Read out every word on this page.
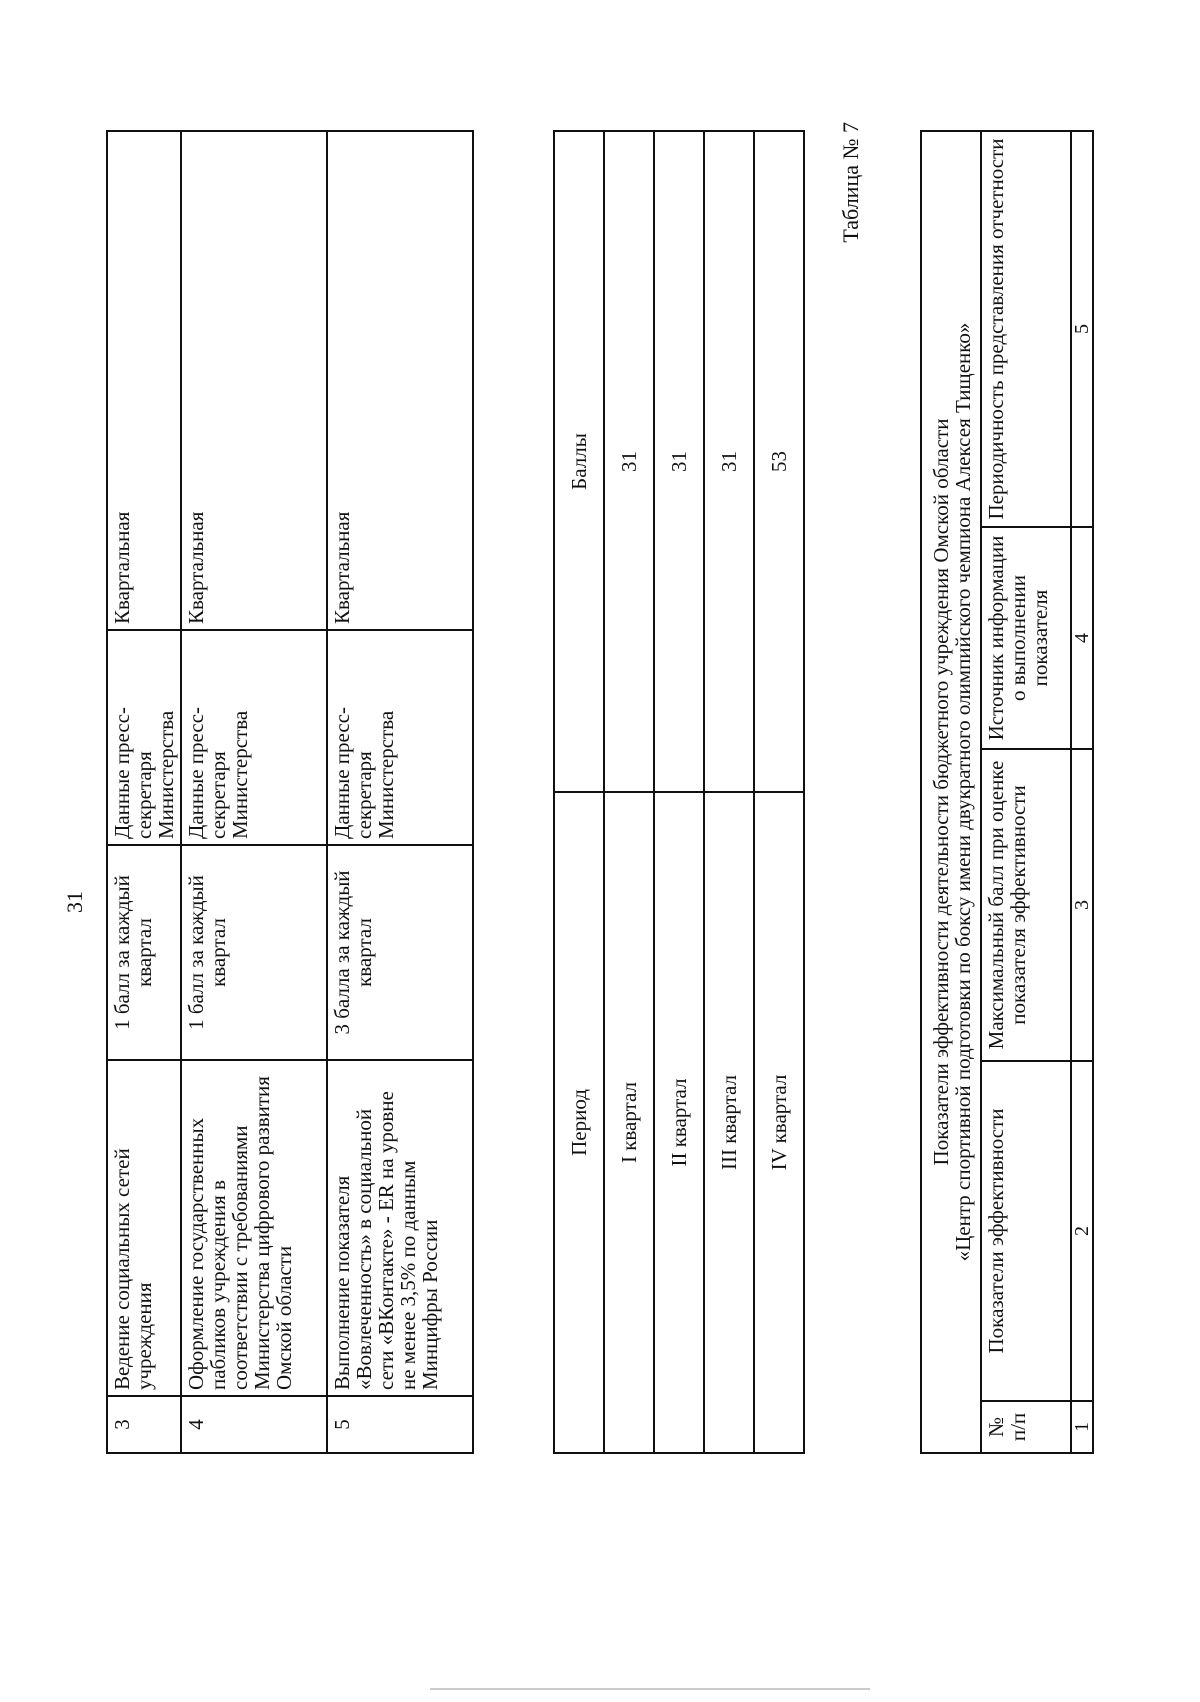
31
3	Ведение социальных сетей учреждения	1 балл за каждый квартал	Данные пресс-секретаря Министерства	Квартальная
4	Оформление государственных пабликов учреждения в соответствии с требованиями Министерства цифрового развития Омской области	1 балл за каждый квартал	Данные пресс-секретаря Министерства	Квартальная
5	Выполнение показателя «Вовлеченность» в социальной сети «ВКонтакте» - ER на уровне не менее 3,5% по данным Минцифры России	3 балла за каждый квартал	Данные пресс-секретаря Министерства	Квартальная
Период	Баллы
I квартал	31
II квартал	31
III квартал	31
IV квартал	53
Таблица № 7
Показатели эффективности деятельности бюджетного учреждения Омской области
«Центр спортивной подготовки по боксу имени двукратного олимпийского чемпиона Алексея Тищенко»				

№ п/п	Показатели эффективности	Максимальный балл при оценке показателя эффективности	Источник информации о выполнении показателя	Периодичность представления отчетности
1	2	3	4	5
